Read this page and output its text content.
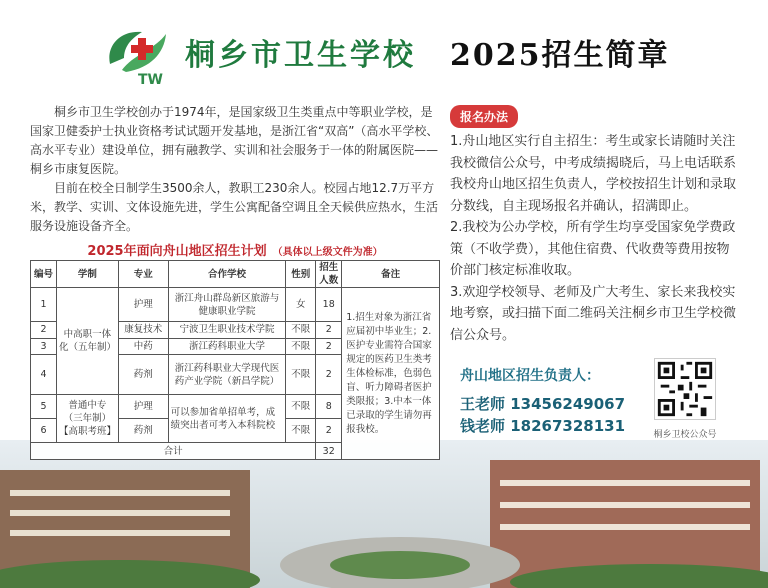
TW
桐乡市卫生学校 2025招生简章

桐乡市卫生学校创办于1974年，是国家级卫生类重点中等职业学校，是国家卫健委护士执业资格考试试题开发基地，是浙江省“双高”（高水平学校、高水平专业）建设单位，拥有融教学、实训和社会服务于一体的附属医院——桐乡市康复医院。

目前在校全日制学生3500余人，教职工230余人。校园占地12.7万平方米，教学、实训、文体设施先进，学生公寓配备空调且全天候供应热水，生活服务设施设备齐全。

2025年面向舟山地区招生计划 （具体以上级文件为准）
编号	学制	专业	合作学校	性别	招生人数	备注
1	中高职一体化（五年制）	护理	浙江舟山群岛新区旅游与健康职业学院	女	18	1.招生对象为浙江省应届初中毕业生；2.医护专业需符合国家规定的医药卫生类考生体检标准，色弱色盲、听力障碍者医护类限报；3.中本一体已录取的学生请勿再报我校。
2		康复技术	宁波卫生职业技术学院	不限	2	
3		中药	浙江药科职业大学	不限	2	
4		药剂	浙江药科职业大学现代医药产业学院（新昌学院）	不限	2	
5	普通中专（三年制）【高职考班】	护理	可以参加省单招单考，成绩突出者可考入本科院校	不限	8	
6		药剂		不限	2	
合计					32	
报名办法

1.舟山地区实行自主招生：考生或家长请随时关注我校微信公众号，中考成绩揭晓后，马上电话联系我校舟山地区招生负责人，学校按招生计划和录取分数线，自主现场报名并确认，招满即止。

2.我校为公办学校，所有学生均享受国家免学费政策（不收学费），其他住宿费、代收费等费用按物价部门核定标准收取。

3.欢迎学校领导、老师及广大考生、家长来我校实地考察，或扫描下面二维码关注桐乡市卫生学校微信公众号。

舟山地区招生负责人：
王老师 13456249067
钱老师 18267328131	桐乡卫校公众号
